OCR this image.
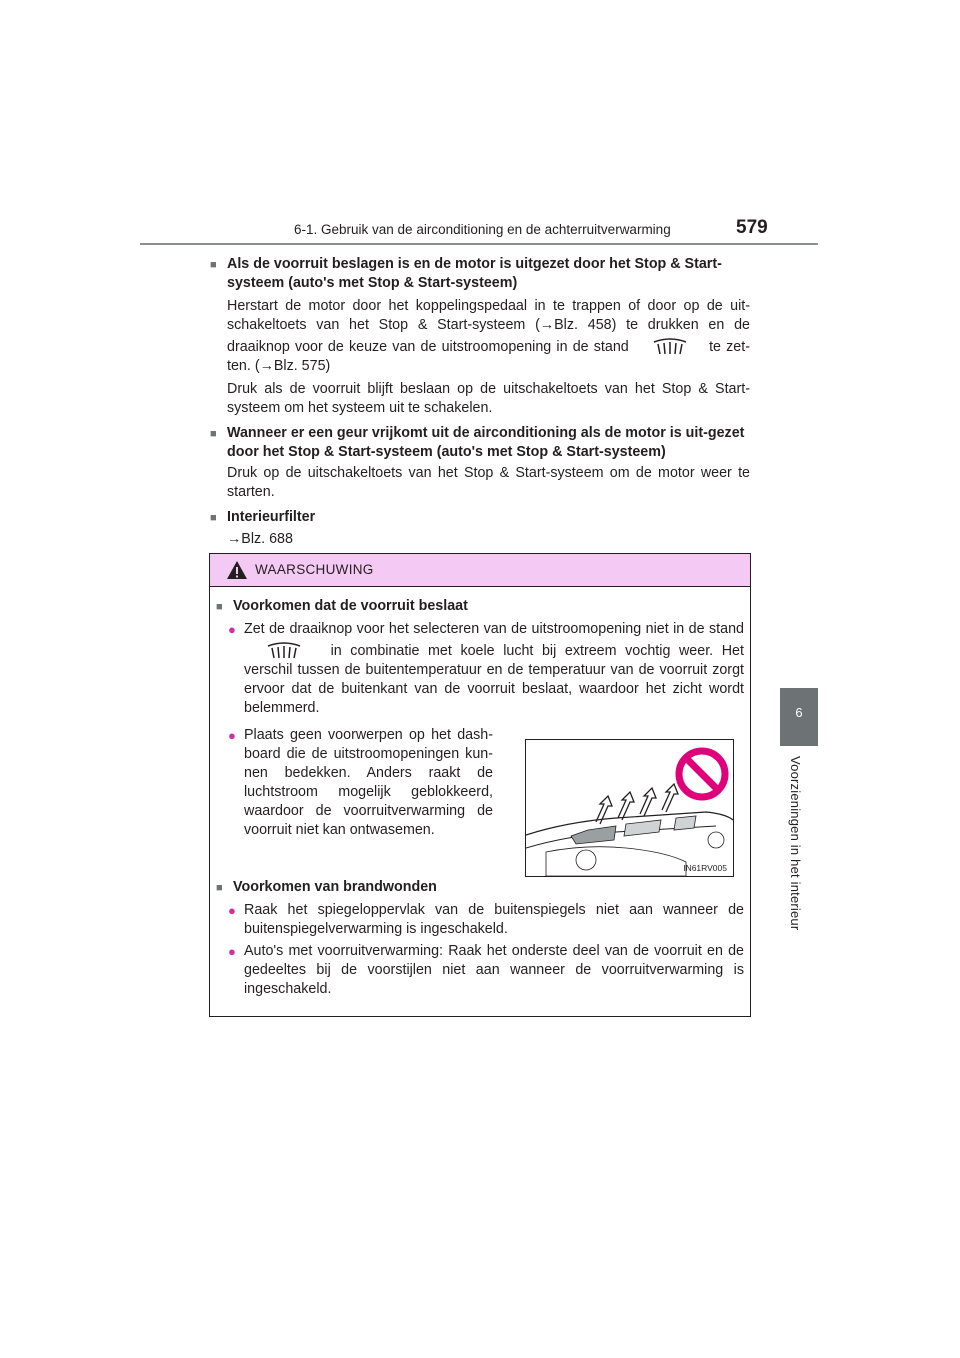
6-1. Gebruik van de airconditioning en de achterruitverwarming	579
6
Voorzieningen in het interieur
■ Als de voorruit beslagen is en de motor is uitgezet door het Stop & Start-systeem (auto's met Stop & Start-systeem)
Herstart de motor door het koppelingspedaal in te trappen of door op de uit-schakeltoets van het Stop & Start-systeem (→Blz. 458) te drukken en de draaiknop voor de keuze van de uitstroomopening in de stand	te zet-ten. (→Blz. 575)
Druk als de voorruit blijft beslaan op de uitschakeltoets van het Stop & Start-systeem om het systeem uit te schakelen.
■ Wanneer er een geur vrijkomt uit de airconditioning als de motor is uit-gezet door het Stop & Start-systeem (auto's met Stop & Start-systeem)
Druk op de uitschakeltoets van het Stop & Start-systeem om de motor weer te starten.
■ Interieurfilter
→Blz. 688
WAARSCHUWING
■ Voorkomen dat de voorruit beslaat
● Zet de draaiknop voor het selecteren van de uitstroomopening niet in de stand  in combinatie met koele lucht bij extreem vochtig weer. Het verschil tussen de buitentemperatuur en de temperatuur van de voorruit zorgt ervoor dat de buitenkant van de voorruit beslaat, waardoor het zicht wordt belemmerd.
● Plaats geen voorwerpen op het dash-board die de uitstroomopeningen kun-nen bedekken. Anders raakt de luchtstroom mogelijk geblokkeerd, waardoor de voorruitverwarming de voorruit niet kan ontwasemen.
■ Voorkomen van brandwonden
● Raak het spiegeloppervlak van de buitenspiegels niet aan wanneer de buitenspiegelverwarming is ingeschakeld.
● Auto's met voorruitverwarming: Raak het onderste deel van de voorruit en de gedeeltes bij de voorstijlen niet aan wanneer de voorruitverwarming is ingeschakeld.
IN61RV005
